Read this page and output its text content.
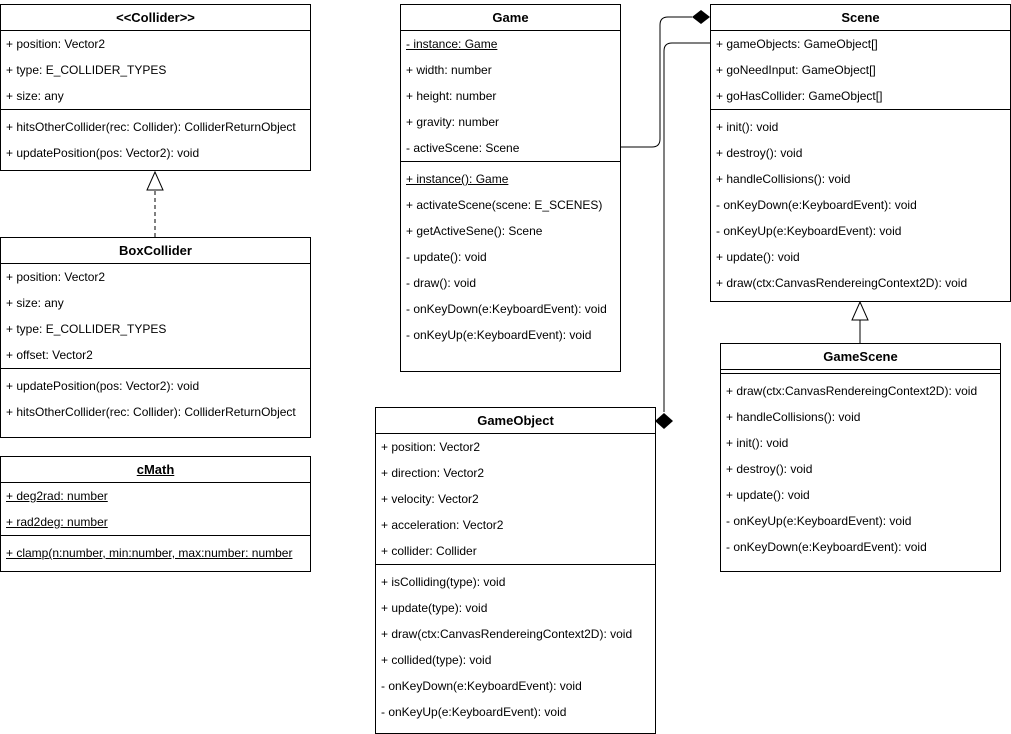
<<Collider>>
+ position: Vector2
+ type: E_COLLIDER_TYPES
+ size: any
+ hitsOtherCollider(rec: Collider): ColliderReturnObject
+ updatePosition(pos: Vector2): void
BoxCollider
+ position: Vector2
+ size: any
+ type: E_COLLIDER_TYPES
+ offset: Vector2
+ updatePosition(pos: Vector2): void
+ hitsOtherCollider(rec: Collider): ColliderReturnObject
cMath
+ deg2rad: number
+ rad2deg: number
+ clamp(n:number, min:number, max:number: number
Game
- instance: Game
+ width: number
+ height: number
+ gravity: number
- activeScene: Scene
+ instance(): Game
+ activateScene(scene: E_SCENES)
+ getActiveSene(): Scene
- update(): void
- draw(): void
- onKeyDown(e:KeyboardEvent): void
- onKeyUp(e:KeyboardEvent): void
GameObject
+ position: Vector2
+ direction: Vector2
+ velocity: Vector2
+ acceleration: Vector2
+ collider: Collider
+ isColliding(type): void
+ update(type): void
+ draw(ctx:CanvasRendereingContext2D): void
+ collided(type): void
- onKeyDown(e:KeyboardEvent): void
- onKeyUp(e:KeyboardEvent): void
Scene
+ gameObjects: GameObject[]
+ goNeedInput: GameObject[]
+ goHasCollider: GameObject[]
+ init(): void
+ destroy(): void
+ handleCollisions(): void
- onKeyDown(e:KeyboardEvent): void
- onKeyUp(e:KeyboardEvent): void
+ update(): void
+ draw(ctx:CanvasRendereingContext2D): void
GameScene
+ draw(ctx:CanvasRendereingContext2D): void
+ handleCollisions(): void
+ init(): void
+ destroy(): void
+ update(): void
- onKeyUp(e:KeyboardEvent): void
- onKeyDown(e:KeyboardEvent): void
